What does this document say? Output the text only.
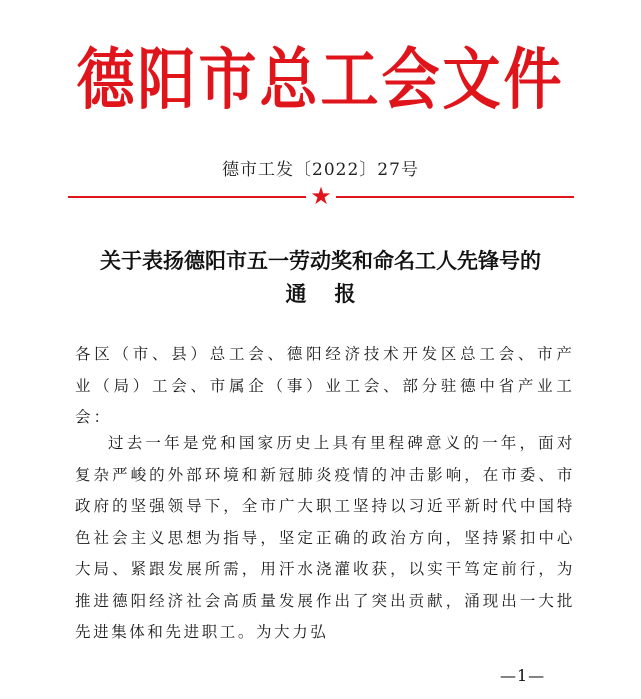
德阳市总工会文件
德市工发〔2022〕27号
★
关于表扬德阳市五一劳动奖和命名工人先锋号的
通报
各区（市、县）总工会、德阳经济技术开发区总工会、市产业（局）工会、市属企（事）业工会、部分驻德中省产业工会：

过去一年是党和国家历史上具有里程碑意义的一年，面对复杂严峻的外部环境和新冠肺炎疫情的冲击影响，在市委、市政府的坚强领导下，全市广大职工坚持以习近平新时代中国特色社会主义思想为指导，坚定正确的政治方向，坚持紧扣中心大局、紧跟发展所需，用汗水浇灌收获，以实干笃定前行，为推进德阳经济社会高质量发展作出了突出贡献，涌现出一大批先进集体和先进职工。为大力弘

—1—
